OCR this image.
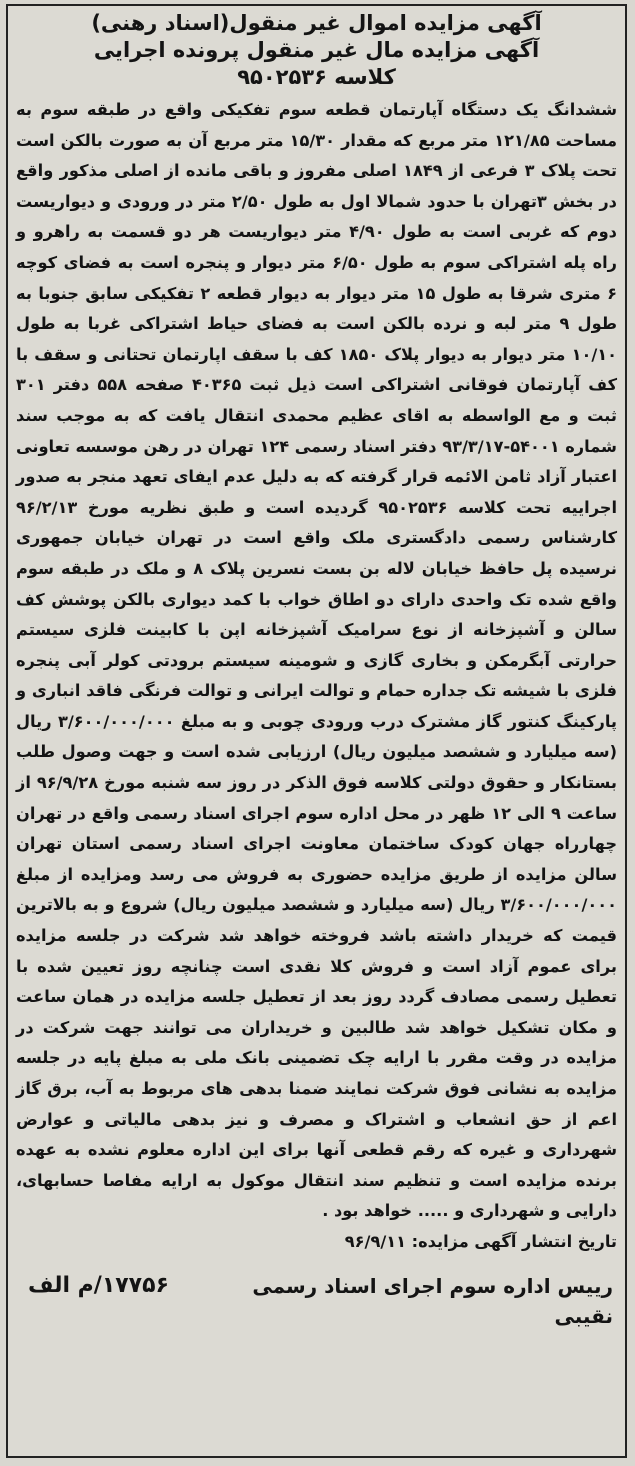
آگهی مزایده اموال غیر منقول(اسناد رهنی)
آگهی مزایده مال غیر منقول پرونده اجرایی
کلاسه ۹۵۰۲۵۳۶

ششدانگ یک دستگاه آپارتمان قطعه سوم تفکیکی واقع در طبقه سوم به مساحت ۱۲۱/۸۵ متر مربع که مقدار ۱۵/۳۰ متر مربع آن به صورت بالکن است تحت پلاک ۳ فرعی از ۱۸۴۹ اصلی مفروز و باقی مانده از اصلی مذکور واقع در بخش ۳تهران با حدود شمالا اول به طول ۲/۵۰ متر در ورودی و دیواریست دوم که غربی است به طول ۴/۹۰ متر دیواریست هر دو قسمت به راهرو و راه پله اشتراکی سوم به طول ۶/۵۰ متر دیوار و پنجره است به فضای کوچه ۶ متری شرقا به طول ۱۵ متر دیوار به دیوار قطعه ۲ تفکیکی سابق جنوبا به طول ۹ متر لبه و نرده بالکن است به فضای حیاط اشتراکی غربا به طول ۱۰/۱۰ متر دیوار به دیوار پلاک ۱۸۵۰ کف با سقف اپارتمان تحتانی و سقف با کف آپارتمان فوقانی اشتراکی است ذیل ثبت ۴۰۳۶۵ صفحه ۵۵۸ دفتر ۳۰۱ ثبت و مع الواسطه به اقای عظیم محمدی انتقال یافت که به موجب سند شماره ۵۴۰۰۱-۹۳/۳/۱۷ دفتر اسناد رسمی ۱۲۴ تهران در رهن موسسه تعاونی اعتبار آزاد ثامن الائمه قرار گرفته که به دلیل عدم ایفای تعهد منجر به صدور اجراییه تحت کلاسه ۹۵۰۲۵۳۶ گردیده است و طبق نظریه مورخ ۹۶/۲/۱۳ کارشناس رسمی دادگستری ملک واقع است در تهران خیابان جمهوری نرسیده پل حافظ خیابان لاله بن بست نسرین پلاک ۸ و ملک در طبقه سوم واقع شده تک واحدی دارای دو اطاق خواب با کمد دیواری بالکن پوشش کف سالن و آشپزخانه از نوع سرامیک آشپزخانه اپن با کابینت فلزی سیستم حرارتی آبگرمکن و بخاری گازی و شومینه سیستم برودتی کولر آبی پنجره فلزی با شیشه تک جداره حمام و توالت ایرانی و توالت فرنگی فاقد انباری و پارکینگ کنتور گاز مشترک درب ورودی چوبی و به مبلغ ۳/۶۰۰/۰۰۰/۰۰۰ ریال (سه میلیارد و ششصد میلیون ریال) ارزیابی شده است و جهت وصول طلب بستانکار و حقوق دولتی کلاسه فوق الذکر در روز سه شنبه مورخ ۹۶/۹/۲۸ از ساعت ۹ الی ۱۲ ظهر در محل اداره سوم اجرای اسناد رسمی واقع در تهران چهارراه جهان کودک ساختمان معاونت اجرای اسناد رسمی استان تهران سالن مزایده از طریق مزایده حضوری به فروش می رسد ومزایده از مبلغ ۳/۶۰۰/۰۰۰/۰۰۰ ریال (سه میلیارد و ششصد میلیون ریال) شروع و به بالاترین قیمت که خریدار داشته باشد فروخته خواهد شد شرکت در جلسه مزایده برای عموم آزاد است و فروش کلا نقدی است چنانچه روز تعیین شده با تعطیل رسمی مصادف گردد روز بعد از تعطیل جلسه مزایده در همان ساعت و مکان تشکیل خواهد شد طالبین و خریداران می توانند جهت شرکت در مزایده در وقت مقرر با ارایه چک تضمینی بانک ملی به مبلغ پایه در جلسه مزایده به نشانی فوق شرکت نمایند ضمنا بدهی های مربوط به آب، برق گاز اعم از حق انشعاب و اشتراک و مصرف و نیز بدهی مالیاتی و عوارض شهرداری و غیره که رقم قطعی آنها برای این اداره معلوم نشده به عهده برنده مزایده است و تنظیم سند انتقال موکول به ارایه مفاصا حسابهای، دارایی و شهرداری و ..... خواهد بود .

تاریخ انتشار آگهی مزایده: ۹۶/۹/۱۱
رییس اداره سوم اجرای اسناد رسمی
نقیبی
۱۷۷۵۶/م الف
